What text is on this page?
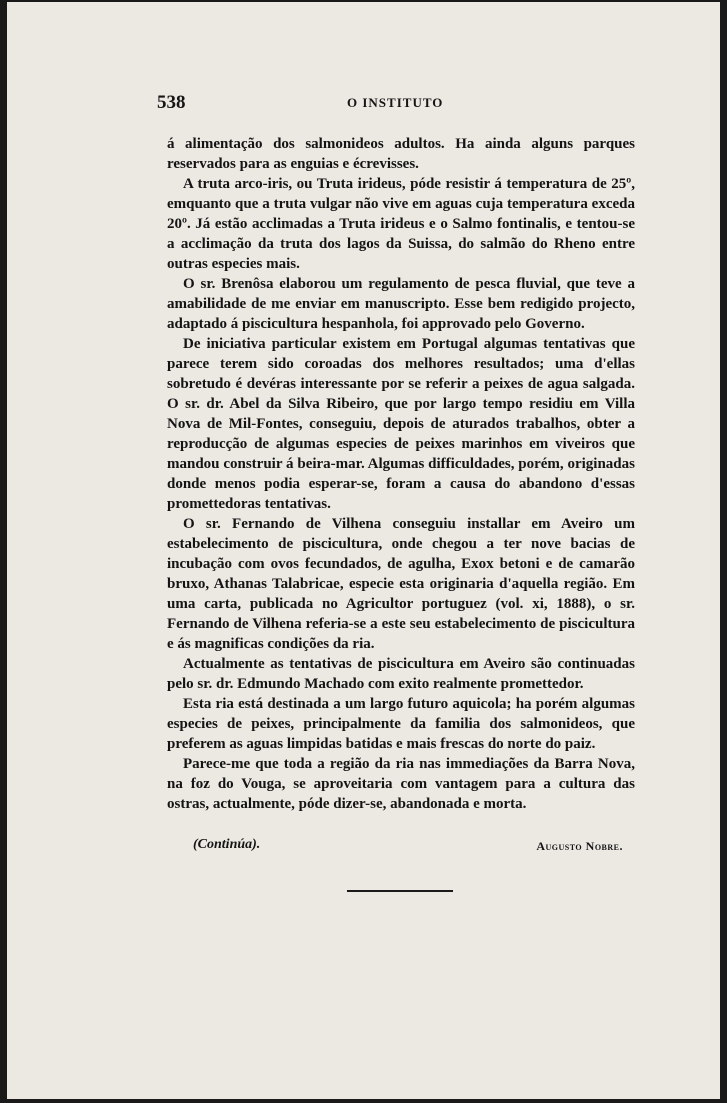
538	O INSTITUTO

á alimentação dos salmonideos adultos. Ha ainda alguns parques reservados para as enguias e écrevisses.

A truta arco-iris, ou Truta irideus, póde resistir á temperatura de 25º, emquanto que a truta vulgar não vive em aguas cuja temperatura exceda 20º. Já estão acclimadas a Truta irideus e o Salmo fontinalis, e tentou-se a acclimação da truta dos lagos da Suissa, do salmão do Rheno entre outras especies mais.

O sr. Brenôsa elaborou um regulamento de pesca fluvial, que teve a amabilidade de me enviar em manuscripto. Esse bem redigido projecto, adaptado á piscicultura hespanhola, foi approvado pelo Governo.

De iniciativa particular existem em Portugal algumas tentativas que parece terem sido coroadas dos melhores resultados; uma d'ellas sobretudo é devéras interessante por se referir a peixes de agua salgada. O sr. dr. Abel da Silva Ribeiro, que por largo tempo residiu em Villa Nova de Mil-Fontes, conseguiu, depois de aturados trabalhos, obter a reproducção de algumas especies de peixes marinhos em viveiros que mandou construir á beira-mar. Algumas difficuldades, porém, originadas donde menos podia esperar-se, foram a causa do abandono d'essas promettedoras tentativas.

O sr. Fernando de Vilhena conseguiu installar em Aveiro um estabelecimento de piscicultura, onde chegou a ter nove bacias de incubação com ovos fecundados, de agulha, Exox betoni e de camarão bruxo, Athanas Talabricae, especie esta originaria d'aquella região. Em uma carta, publicada no Agricultor portuguez (vol. xi, 1888), o sr. Fernando de Vilhena referia-se a este seu estabelecimento de piscicultura e ás magnificas condições da ria.

Actualmente as tentativas de piscicultura em Aveiro são continuadas pelo sr. dr. Edmundo Machado com exito realmente promettedor.

Esta ria está destinada a um largo futuro aquicola; ha porém algumas especies de peixes, principalmente da familia dos salmonideos, que preferem as aguas limpidas batidas e mais frescas do norte do paiz.

Parece-me que toda a região da ria nas immediações da Barra Nova, na foz do Vouga, se aproveitaria com vantagem para a cultura das ostras, actualmente, póde dizer-se, abandonada e morta.

(Continúa).	Augusto Nobre.
